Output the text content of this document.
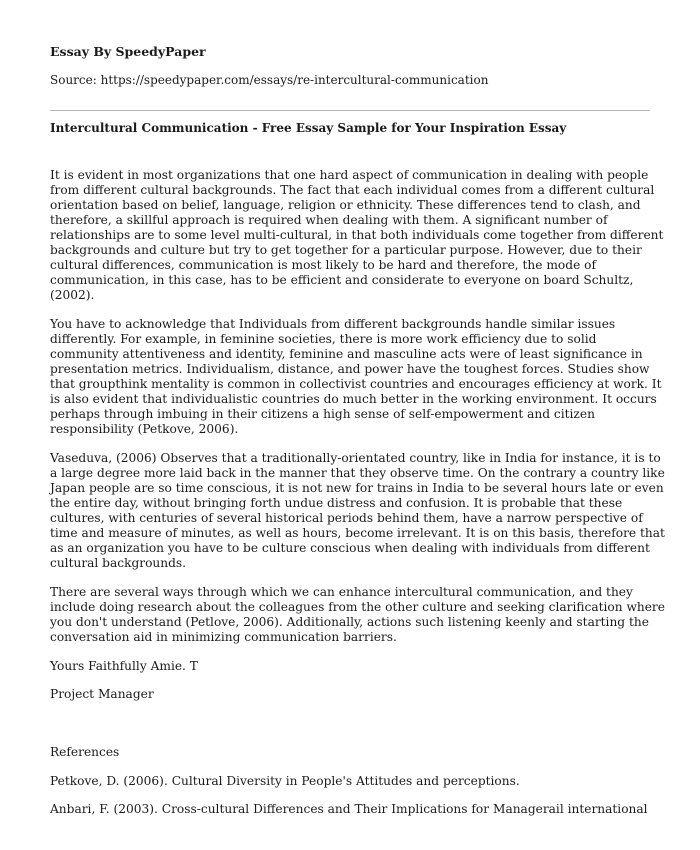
Essay By SpeedyPaper
Source: https://speedypaper.com/essays/re-intercultural-communication
Intercultural Communication - Free Essay Sample for Your Inspiration Essay

It is evident in most organizations that one hard aspect of communication in dealing with people from different cultural backgrounds. The fact that each individual comes from a different cultural orientation based on belief, language, religion or ethnicity. These differences tend to clash, and therefore, a skillful approach is required when dealing with them. A significant number of relationships are to some level multi-cultural, in that both individuals come together from different backgrounds and culture but try to get together for a particular purpose. However, due to their cultural differences, communication is most likely to be hard and therefore, the mode of communication, in this case, has to be efficient and considerate to everyone on board Schultz, (2002).

You have to acknowledge that Individuals from different backgrounds handle similar issues differently. For example, in feminine societies, there is more work efficiency due to solid community attentiveness and identity, feminine and masculine acts were of least significance in presentation metrics. Individualism, distance, and power have the toughest forces. Studies show that groupthink mentality is common in collectivist countries and encourages efficiency at work. It is also evident that individualistic countries do much better in the working environment. It occurs perhaps through imbuing in their citizens a high sense of self-empowerment and citizen responsibility (Petkove, 2006).

Vaseduva, (2006) Observes that a traditionally-orientated country, like in India for instance, it is to a large degree more laid back in the manner that they observe time. On the contrary a country like Japan people are so time conscious, it is not new for trains in India to be several hours late or even the entire day, without bringing forth undue distress and confusion. It is probable that these cultures, with centuries of several historical periods behind them, have a narrow perspective of time and measure of minutes, as well as hours, become irrelevant. It is on this basis, therefore that as an organization you have to be culture conscious when dealing with individuals from different cultural backgrounds.

There are several ways through which we can enhance intercultural communication, and they include doing research about the colleagues from the other culture and seeking clarification where you don't understand (Petlove, 2006). Additionally, actions such listening keenly and starting the conversation aid in minimizing communication barriers.

Yours Faithfully Amie. T

Project Manager

References

Petkove, D. (2006). Cultural Diversity in People's Attitudes and perceptions.

Anbari, F. (2003). Cross-cultural Differences and Their Implications for Managerail international
